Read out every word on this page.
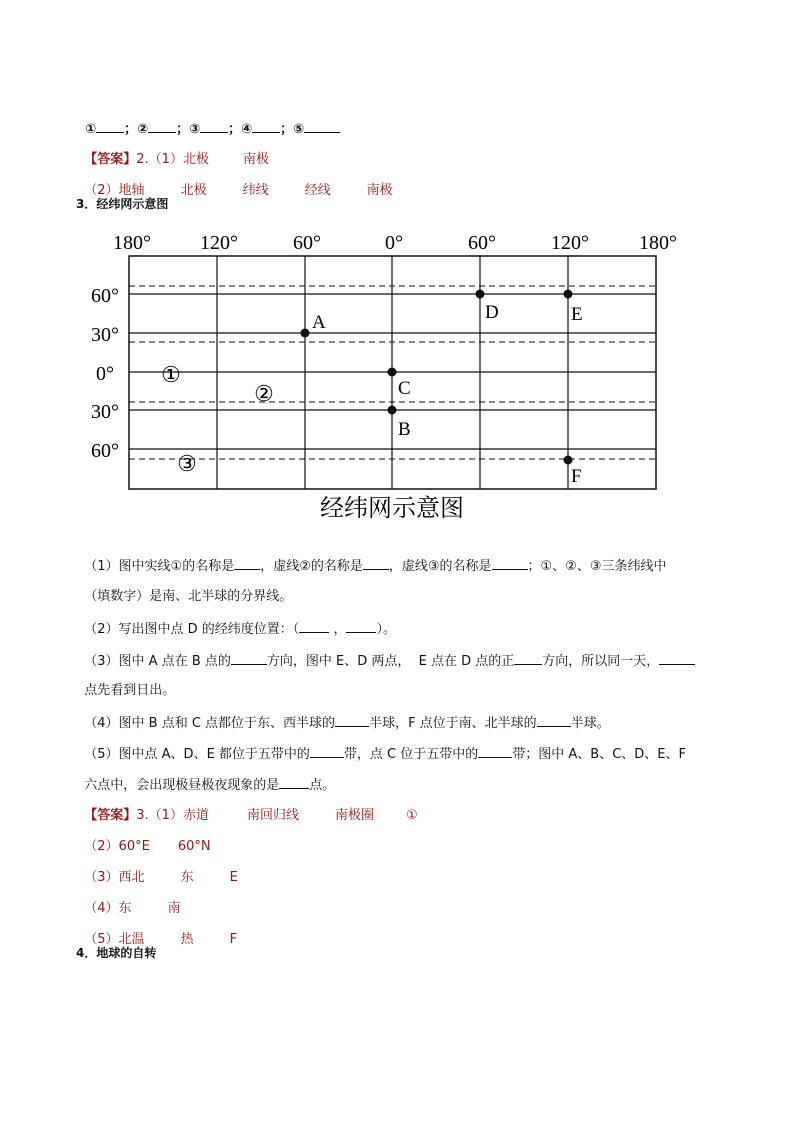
① ；② ；③ ；④ ；⑤

【答案】2.（1）北极	南极

（2）地轴	北极	纬线	经线	南极

3．经纬网示意图
180° 120°	60°	0°	60°	120°	180°
60°
30°
0°
30°
60°
①
②
③
A
B
C
D	E
F
经纬网示意图

（1）图中实线①的名称是 ，虚线②的名称是 ，虚线③的名称是	；①、②、③三条纬线中

（填数字）是南、北半球的分界线。

（2）写出图中点 D 的经纬度位置：（ ， ）。

（3）图中 A 点在 B 点的	方向，图中 E、D 两点，  E 点在 D 点的正 方向，所以同一天，

点先看到日出。

（4）图中 B 点和 C 点都位于东、西半球的	半球，F 点位于南、北半球的	半球。

（5）图中点 A、D、E 都位于五带中的	带，点 C 位于五带中的	带；图中 A、B、C、D、E、F

六点中，会出现极昼极夜现象的是 点。

【答案】3.（1）赤道	南回归线	南极圈 ①

（2）60°E 60°N

（3）西北	东	E

（4）东	南

（5）北温	热	F

4．地球的自转
